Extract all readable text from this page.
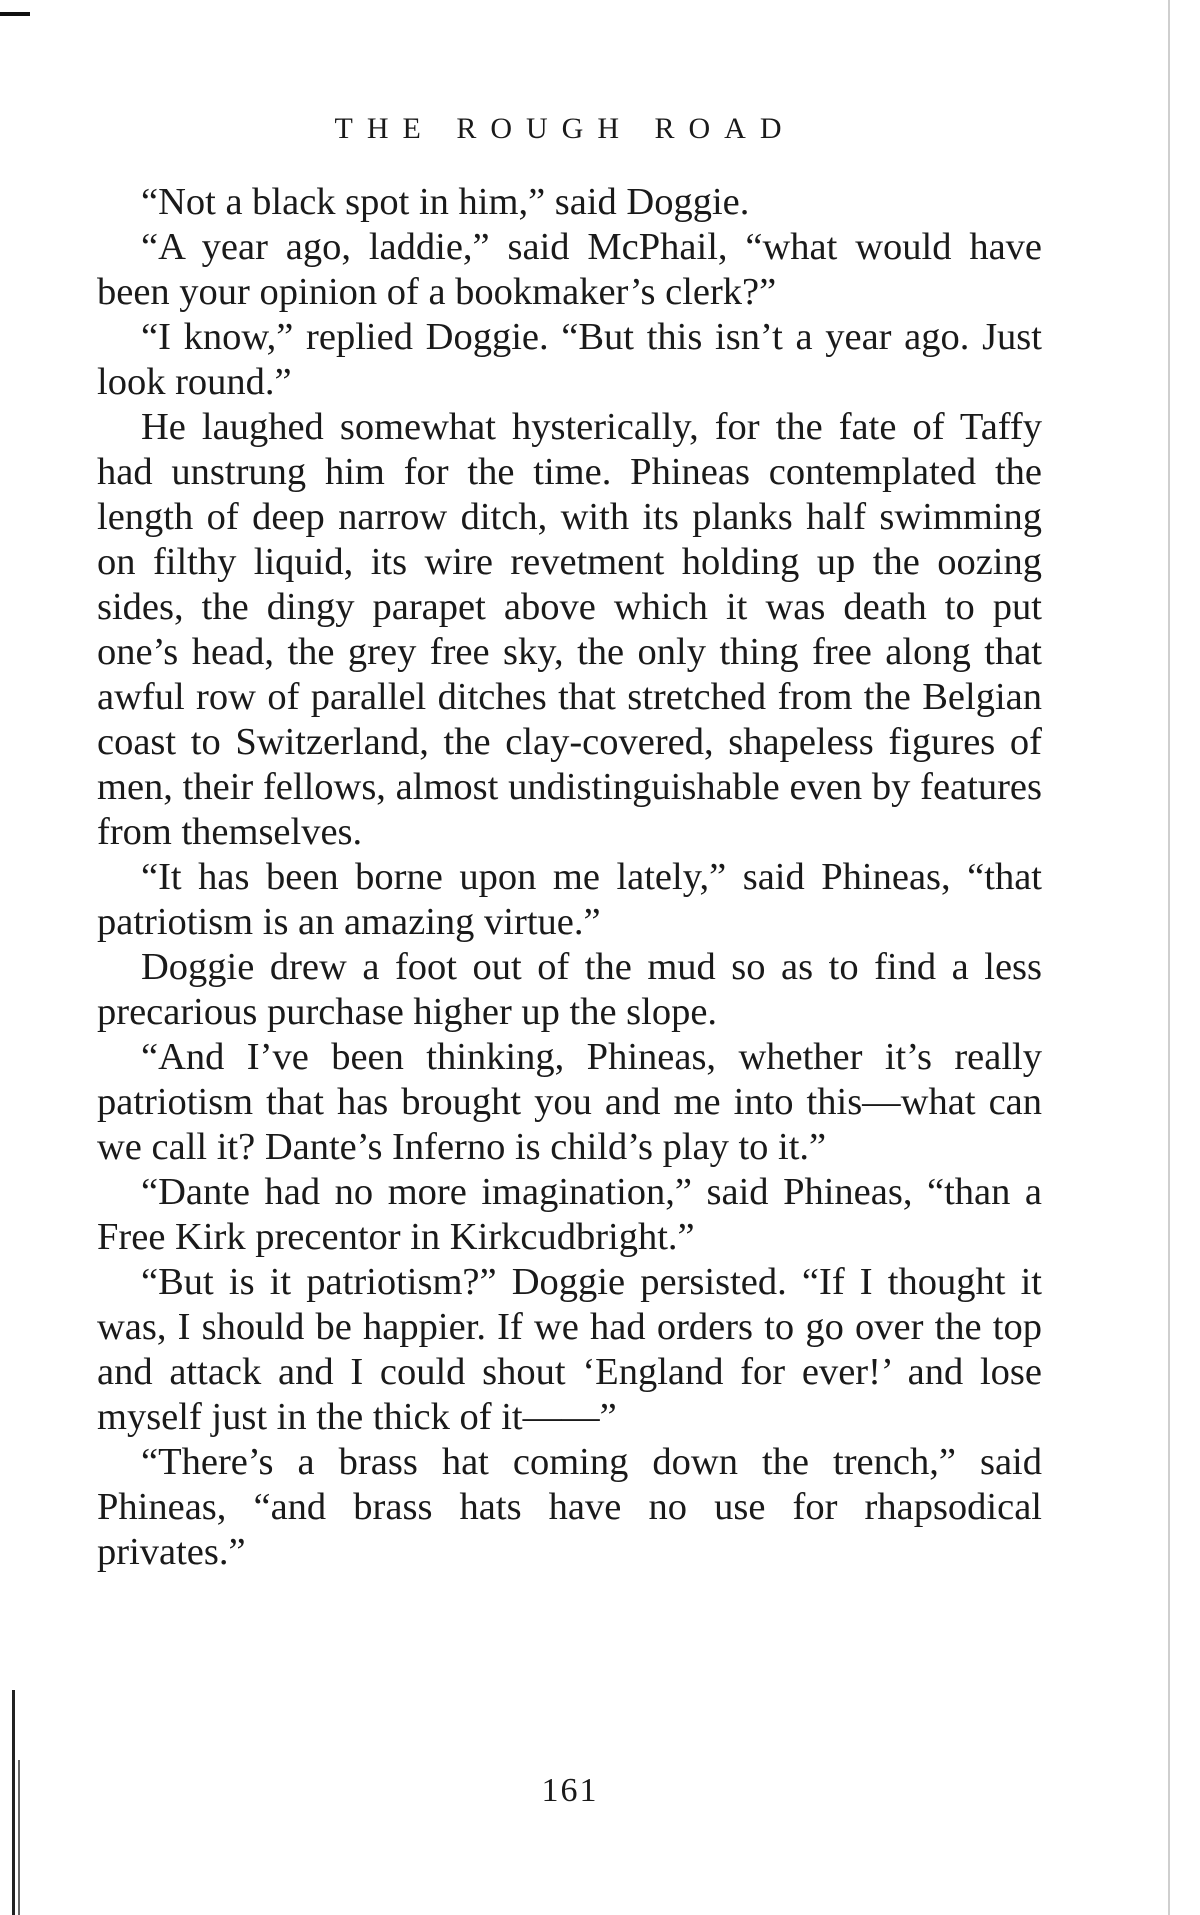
THE ROUGH ROAD

“Not a black spot in him,” said Doggie.

“A year ago, laddie,” said McPhail, “what would have been your opinion of a bookmaker’s clerk?”

“I know,” replied Doggie. “But this isn’t a year ago. Just look round.”

He laughed somewhat hysterically, for the fate of Taffy had unstrung him for the time. Phineas contemplated the length of deep narrow ditch, with its planks half swimming on filthy liquid, its wire revetment holding up the oozing sides, the dingy parapet above which it was death to put one’s head, the grey free sky, the only thing free along that awful row of parallel ditches that stretched from the Belgian coast to Switzerland, the clay-covered, shapeless figures of men, their fellows, almost undistinguishable even by features from themselves.

“It has been borne upon me lately,” said Phineas, “that patriotism is an amazing virtue.”

Doggie drew a foot out of the mud so as to find a less precarious purchase higher up the slope.

“And I’ve been thinking, Phineas, whether it’s really patriotism that has brought you and me into this—what can we call it? Dante’s Inferno is child’s play to it.”

“Dante had no more imagination,” said Phineas, “than a Free Kirk precentor in Kirkcudbright.”

“But is it patriotism?” Doggie persisted. “If I thought it was, I should be happier. If we had orders to go over the top and attack and I could shout ‘England for ever!’ and lose myself just in the thick of it——”

“There’s a brass hat coming down the trench,” said Phineas, “and brass hats have no use for rhapsodical privates.”

161
